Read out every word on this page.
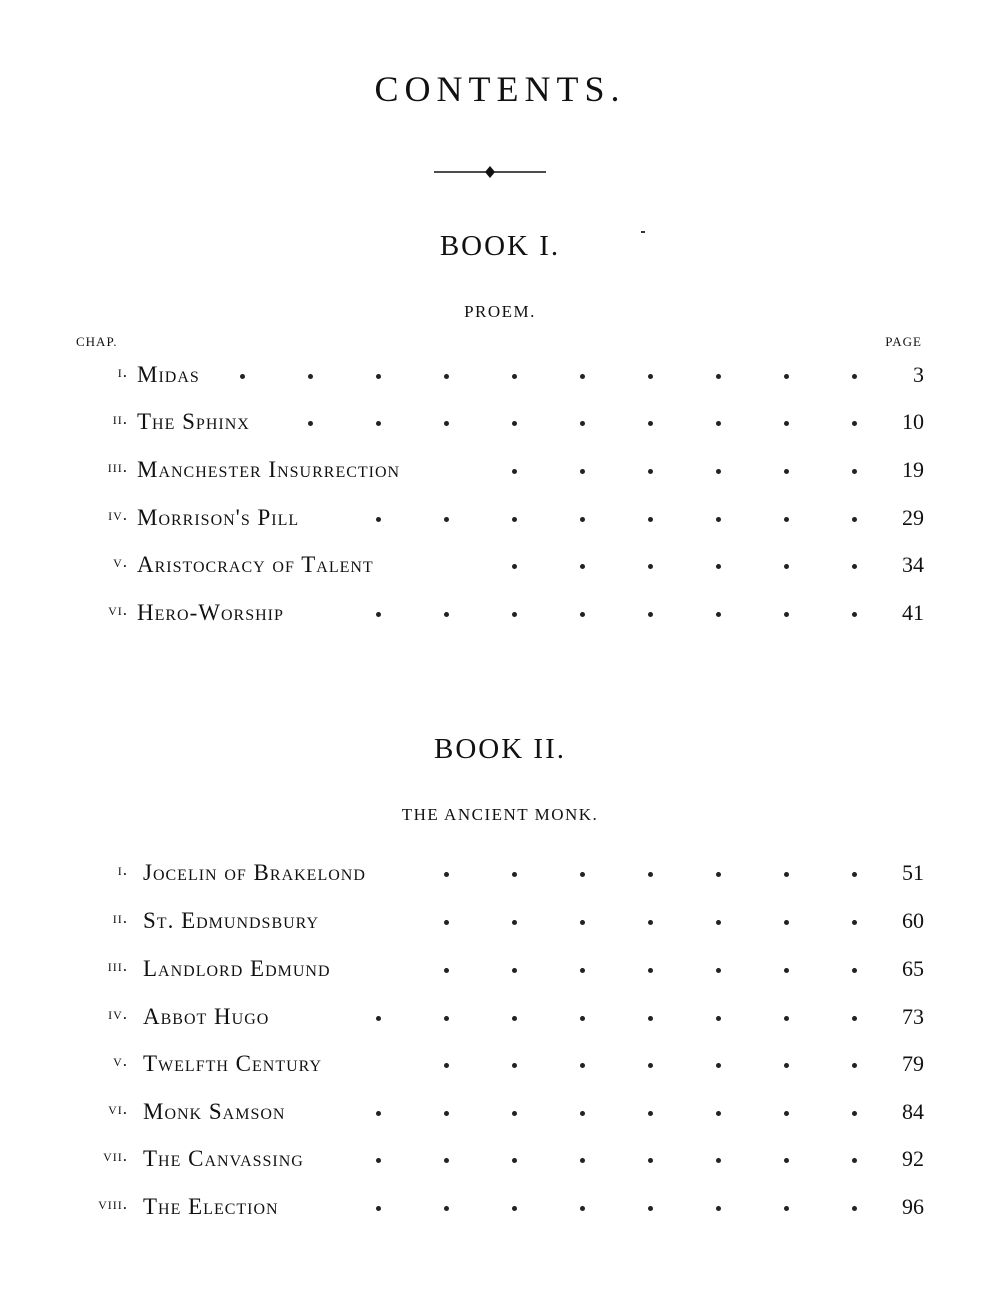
CONTENTS.
BOOK I.
PROEM.
CHAP.	PAGE
i. Midas	3
ii. The Sphinx	10
iii. Manchester Insurrection	19
iv. Morrison's Pill	29
v. Aristocracy of Talent	34
vi. Hero-Worship	41
BOOK II.
THE ANCIENT MONK.
i. Jocelin of Brakelond	51
ii. St. Edmundsbury	60
iii. Landlord Edmund	65
iv. Abbot Hugo	73
v. Twelfth Century	79
vi. Monk Samson	84
vii. The Canvassing	92
viii. The Election	96
